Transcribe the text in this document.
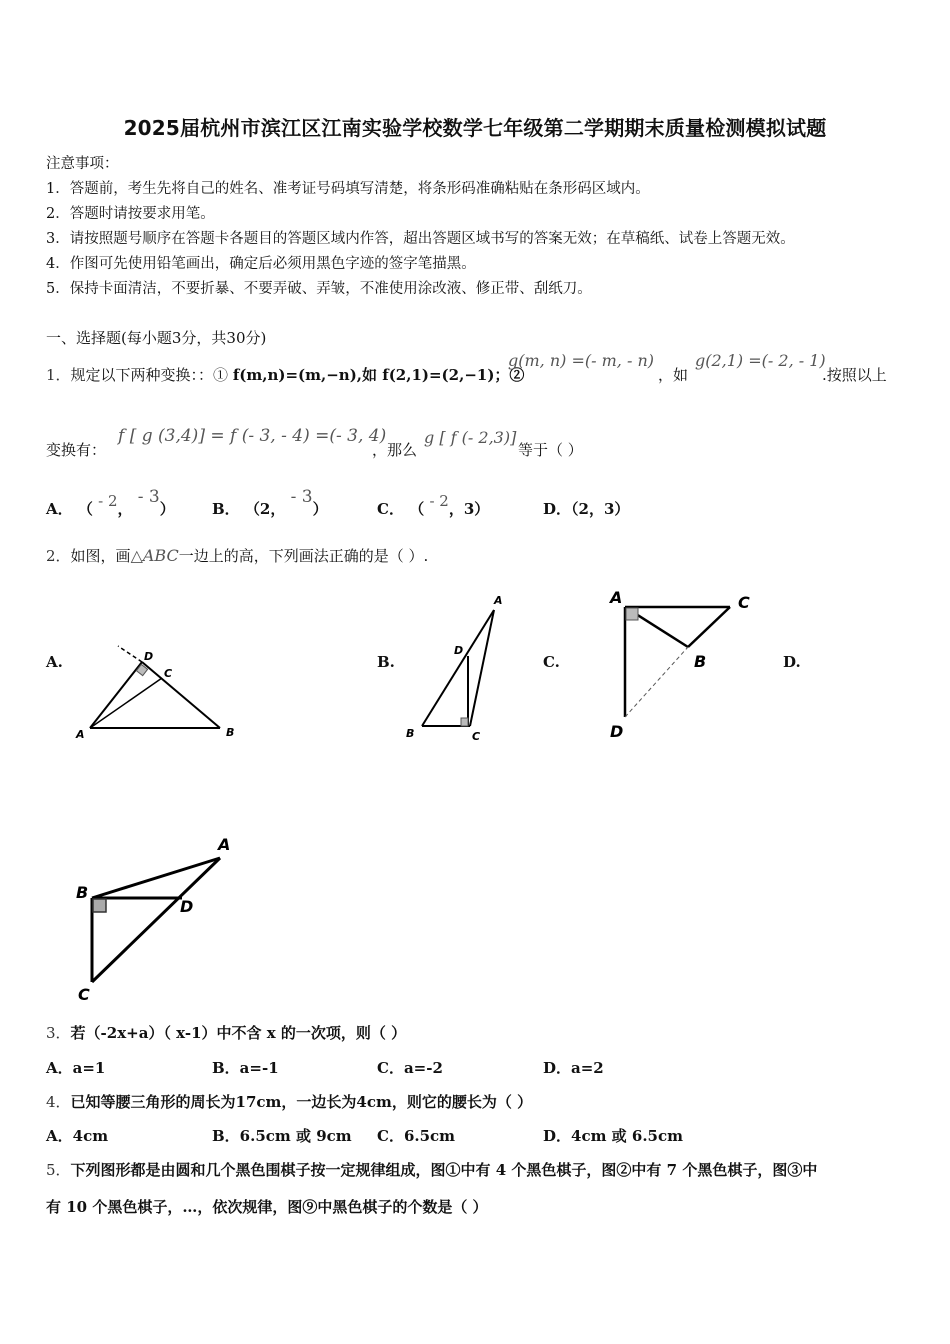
2025届杭州市滨江区江南实验学校数学七年级第二学期期末质量检测模拟试题
注意事项：
1．答题前，考生先将自己的姓名、准考证号码填写清楚，将条形码准确粘贴在条形码区域内。
2．答题时请按要求用笔。
3．请按照题号顺序在答题卡各题目的答题区域内作答，超出答题区域书写的答案无效；在草稿纸、试卷上答题无效。
4．作图可先使用铅笔画出，确定后必须用黑色字迹的签字笔描黑。
5．保持卡面清洁，不要折暴、不要弄破、弄皱，不准使用涂改液、修正带、刮纸刀。
一、选择题(每小题3分，共30分)
1．规定以下两种变换：：① f(m,n)=(m,−n),如 f(2,1)=(2,−1)；②
g(m, n) =(- m, - n)
，如
g(2,1) =(- 2, - 1)
.按照以上
变换有：
f [ g (3,4)] = f (- 3, - 4) =(- 3, 4)
，那么
g [ f (- 2,3)]
等于（ ）
A． （ - 2， - 3） B． （2， - 3）	C． （ - 2，3）	D．（2，3）
2．如图，画△ABC一边上的高，下列画法正确的是（ ）.
A.	B.	C.	D.
D
C
A	B
A
D
B	C
A	C
B
D
A
B
D
C
3．若（-2x+a）（ x-1）中不含 x 的一次项，则（ ）
A．a=1	B．a=-1	C．a=-2	D．a=2
4．已知等腰三角形的周长为17cm，一边长为4cm，则它的腰长为（ ）
A．4cm	B．6.5cm 或 9cm C．6.5cm	D．4cm 或 6.5cm
5．下列图形都是由圆和几个黑色围棋子按一定规律组成，图①中有 4 个黑色棋子，图②中有 7 个黑色棋子，图③中
有 10 个黑色棋子，…，依次规律，图⑨中黑色棋子的个数是（ ）
